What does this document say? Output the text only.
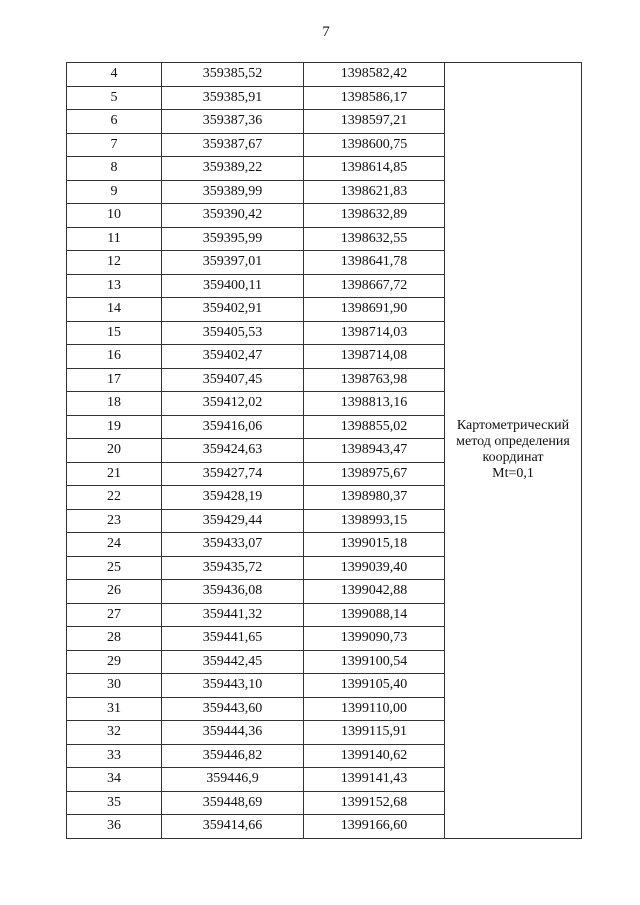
7
4	359385,52	1398582,42	Картометрический
метод определения
координат
Mt=0,1
5	359385,91	1398586,17	
6	359387,36	1398597,21	
7	359387,67	1398600,75	
8	359389,22	1398614,85	
9	359389,99	1398621,83	
10	359390,42	1398632,89	
11	359395,99	1398632,55	
12	359397,01	1398641,78	
13	359400,11	1398667,72	
14	359402,91	1398691,90	
15	359405,53	1398714,03	
16	359402,47	1398714,08	
17	359407,45	1398763,98	
18	359412,02	1398813,16	
19	359416,06	1398855,02	
20	359424,63	1398943,47	
21	359427,74	1398975,67	
22	359428,19	1398980,37	
23	359429,44	1398993,15	
24	359433,07	1399015,18	
25	359435,72	1399039,40	
26	359436,08	1399042,88	
27	359441,32	1399088,14	
28	359441,65	1399090,73	
29	359442,45	1399100,54	
30	359443,10	1399105,40	
31	359443,60	1399110,00	
32	359444,36	1399115,91	
33	359446,82	1399140,62	
34	359446,9	1399141,43	
35	359448,69	1399152,68	
36	359414,66	1399166,60	
